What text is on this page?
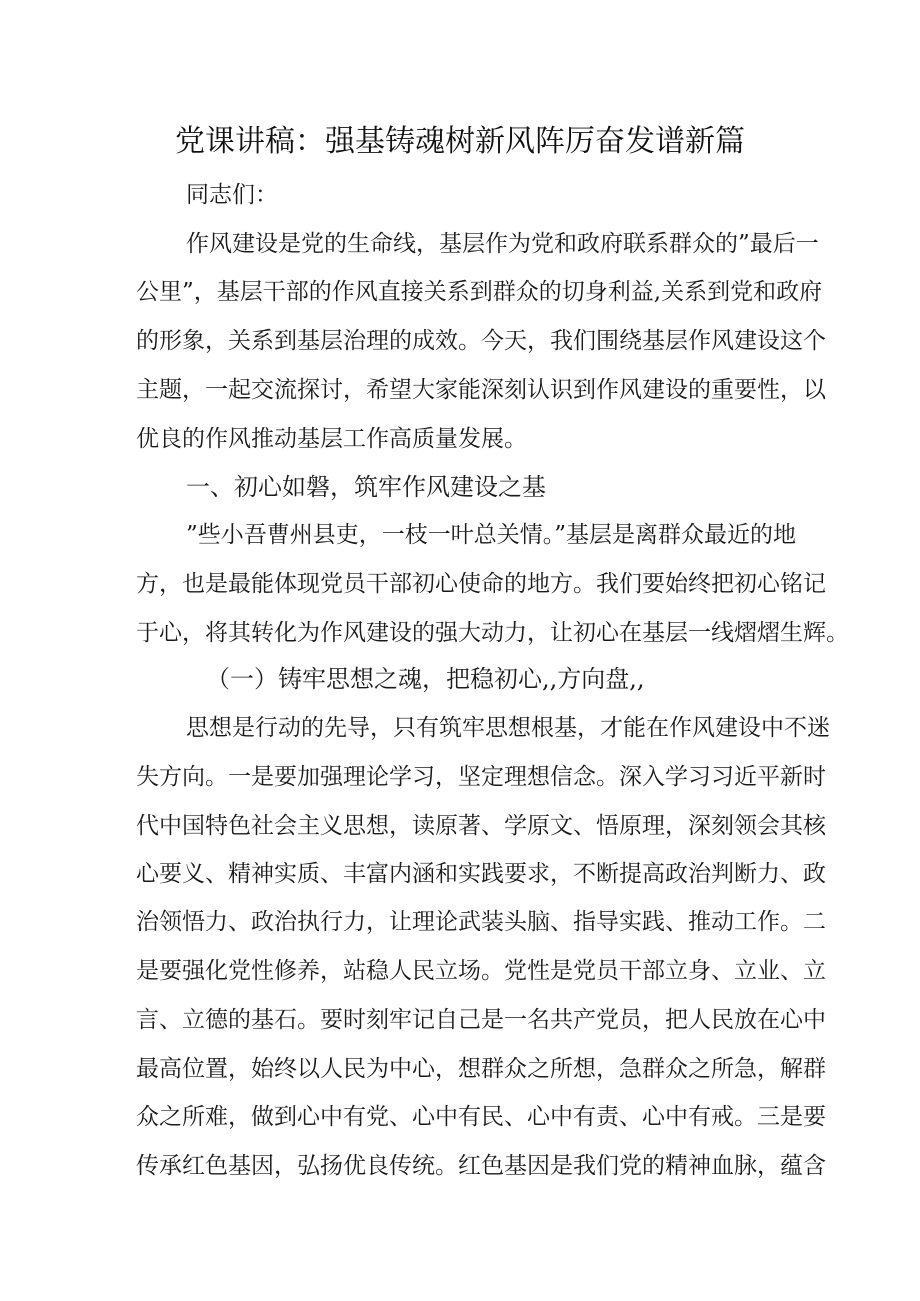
党课讲稿：强基铸魂树新风阵厉奋发谱新篇
同志们：
作风建设是党的生命线，基层作为党和政府联系群众的”最后一
公里”，基层干部的作风直接关系到群众的切身利益,关系到党和政府
的形象，关系到基层治理的成效。今天，我们围绕基层作风建设这个
主题，一起交流探讨，希望大家能深刻认识到作风建设的重要性，以
优良的作风推动基层工作高质量发展。
一、初心如磐，筑牢作风建设之基
”些小吾曹州县吏，一枝一叶总关情。”基层是离群众最近的地
方，也是最能体现党员干部初心使命的地方。我们要始终把初心铭记
于心，将其转化为作风建设的强大动力，让初心在基层一线熠熠生辉。
（一）铸牢思想之魂，把稳初心,,方向盘,,
思想是行动的先导，只有筑牢思想根基，才能在作风建设中不迷
失方向。一是要加强理论学习，坚定理想信念。深入学习习近平新时
代中国特色社会主义思想，读原著、学原文、悟原理，深刻领会其核
心要义、精神实质、丰富内涵和实践要求，不断提高政治判断力、政
治领悟力、政治执行力，让理论武装头脑、指导实践、推动工作。二
是要强化党性修养，站稳人民立场。党性是党员干部立身、立业、立
言、立德的基石。要时刻牢记自己是一名共产党员，把人民放在心中
最高位置，始终以人民为中心，想群众之所想，急群众之所急，解群
众之所难，做到心中有党、心中有民、心中有责、心中有戒。三是要
传承红色基因，弘扬优良传统。红色基因是我们党的精神血脉，蕴含
